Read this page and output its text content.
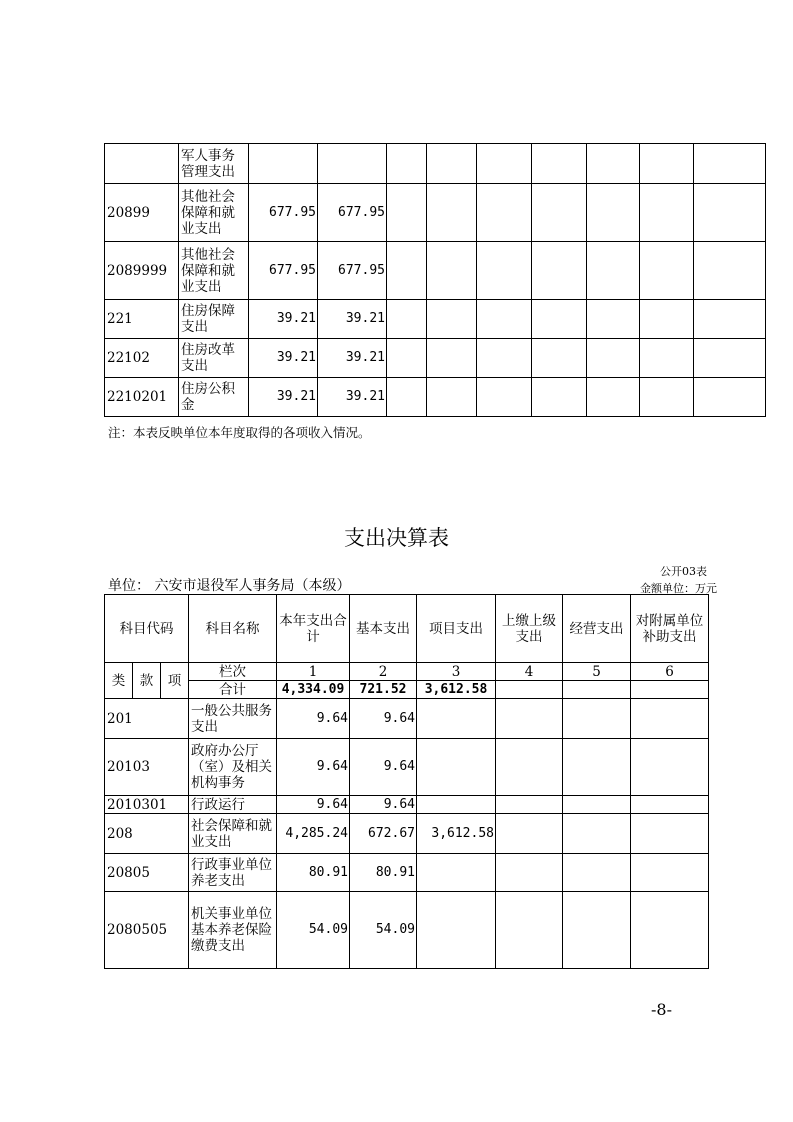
	军人事务管理支出									
20899	其他社会保障和就业支出	677.95	677.95							
2089999	其他社会保障和就业支出	677.95	677.95							
221	住房保障支出	39.21	39.21							
22102	住房改革支出	39.21	39.21							
2210201	住房公积金	39.21	39.21							
注：本表反映单位本年度取得的各项收入情况。
支出决算表
公开03表
单位： 六安市退役军人事务局（本级）	金额单位：万元
科目代码			科目名称	本年支出合计	基本支出	项目支出	上缴上级支出	经营支出	对附属单位补助支出
类	款	项	栏次	1	2	3	4	5	6
			合计	4,334.09	721.52	3,612.58			
201			一般公共服务支出	9.64	9.64				
20103			政府办公厅（室）及相关机构事务	9.64	9.64				
2010301			行政运行	9.64	9.64				
208			社会保障和就业支出	4,285.24	672.67	3,612.58			
20805			行政事业单位养老支出	80.91	80.91				
2080505			机关事业单位基本养老保险缴费支出	54.09	54.09				
-8-
